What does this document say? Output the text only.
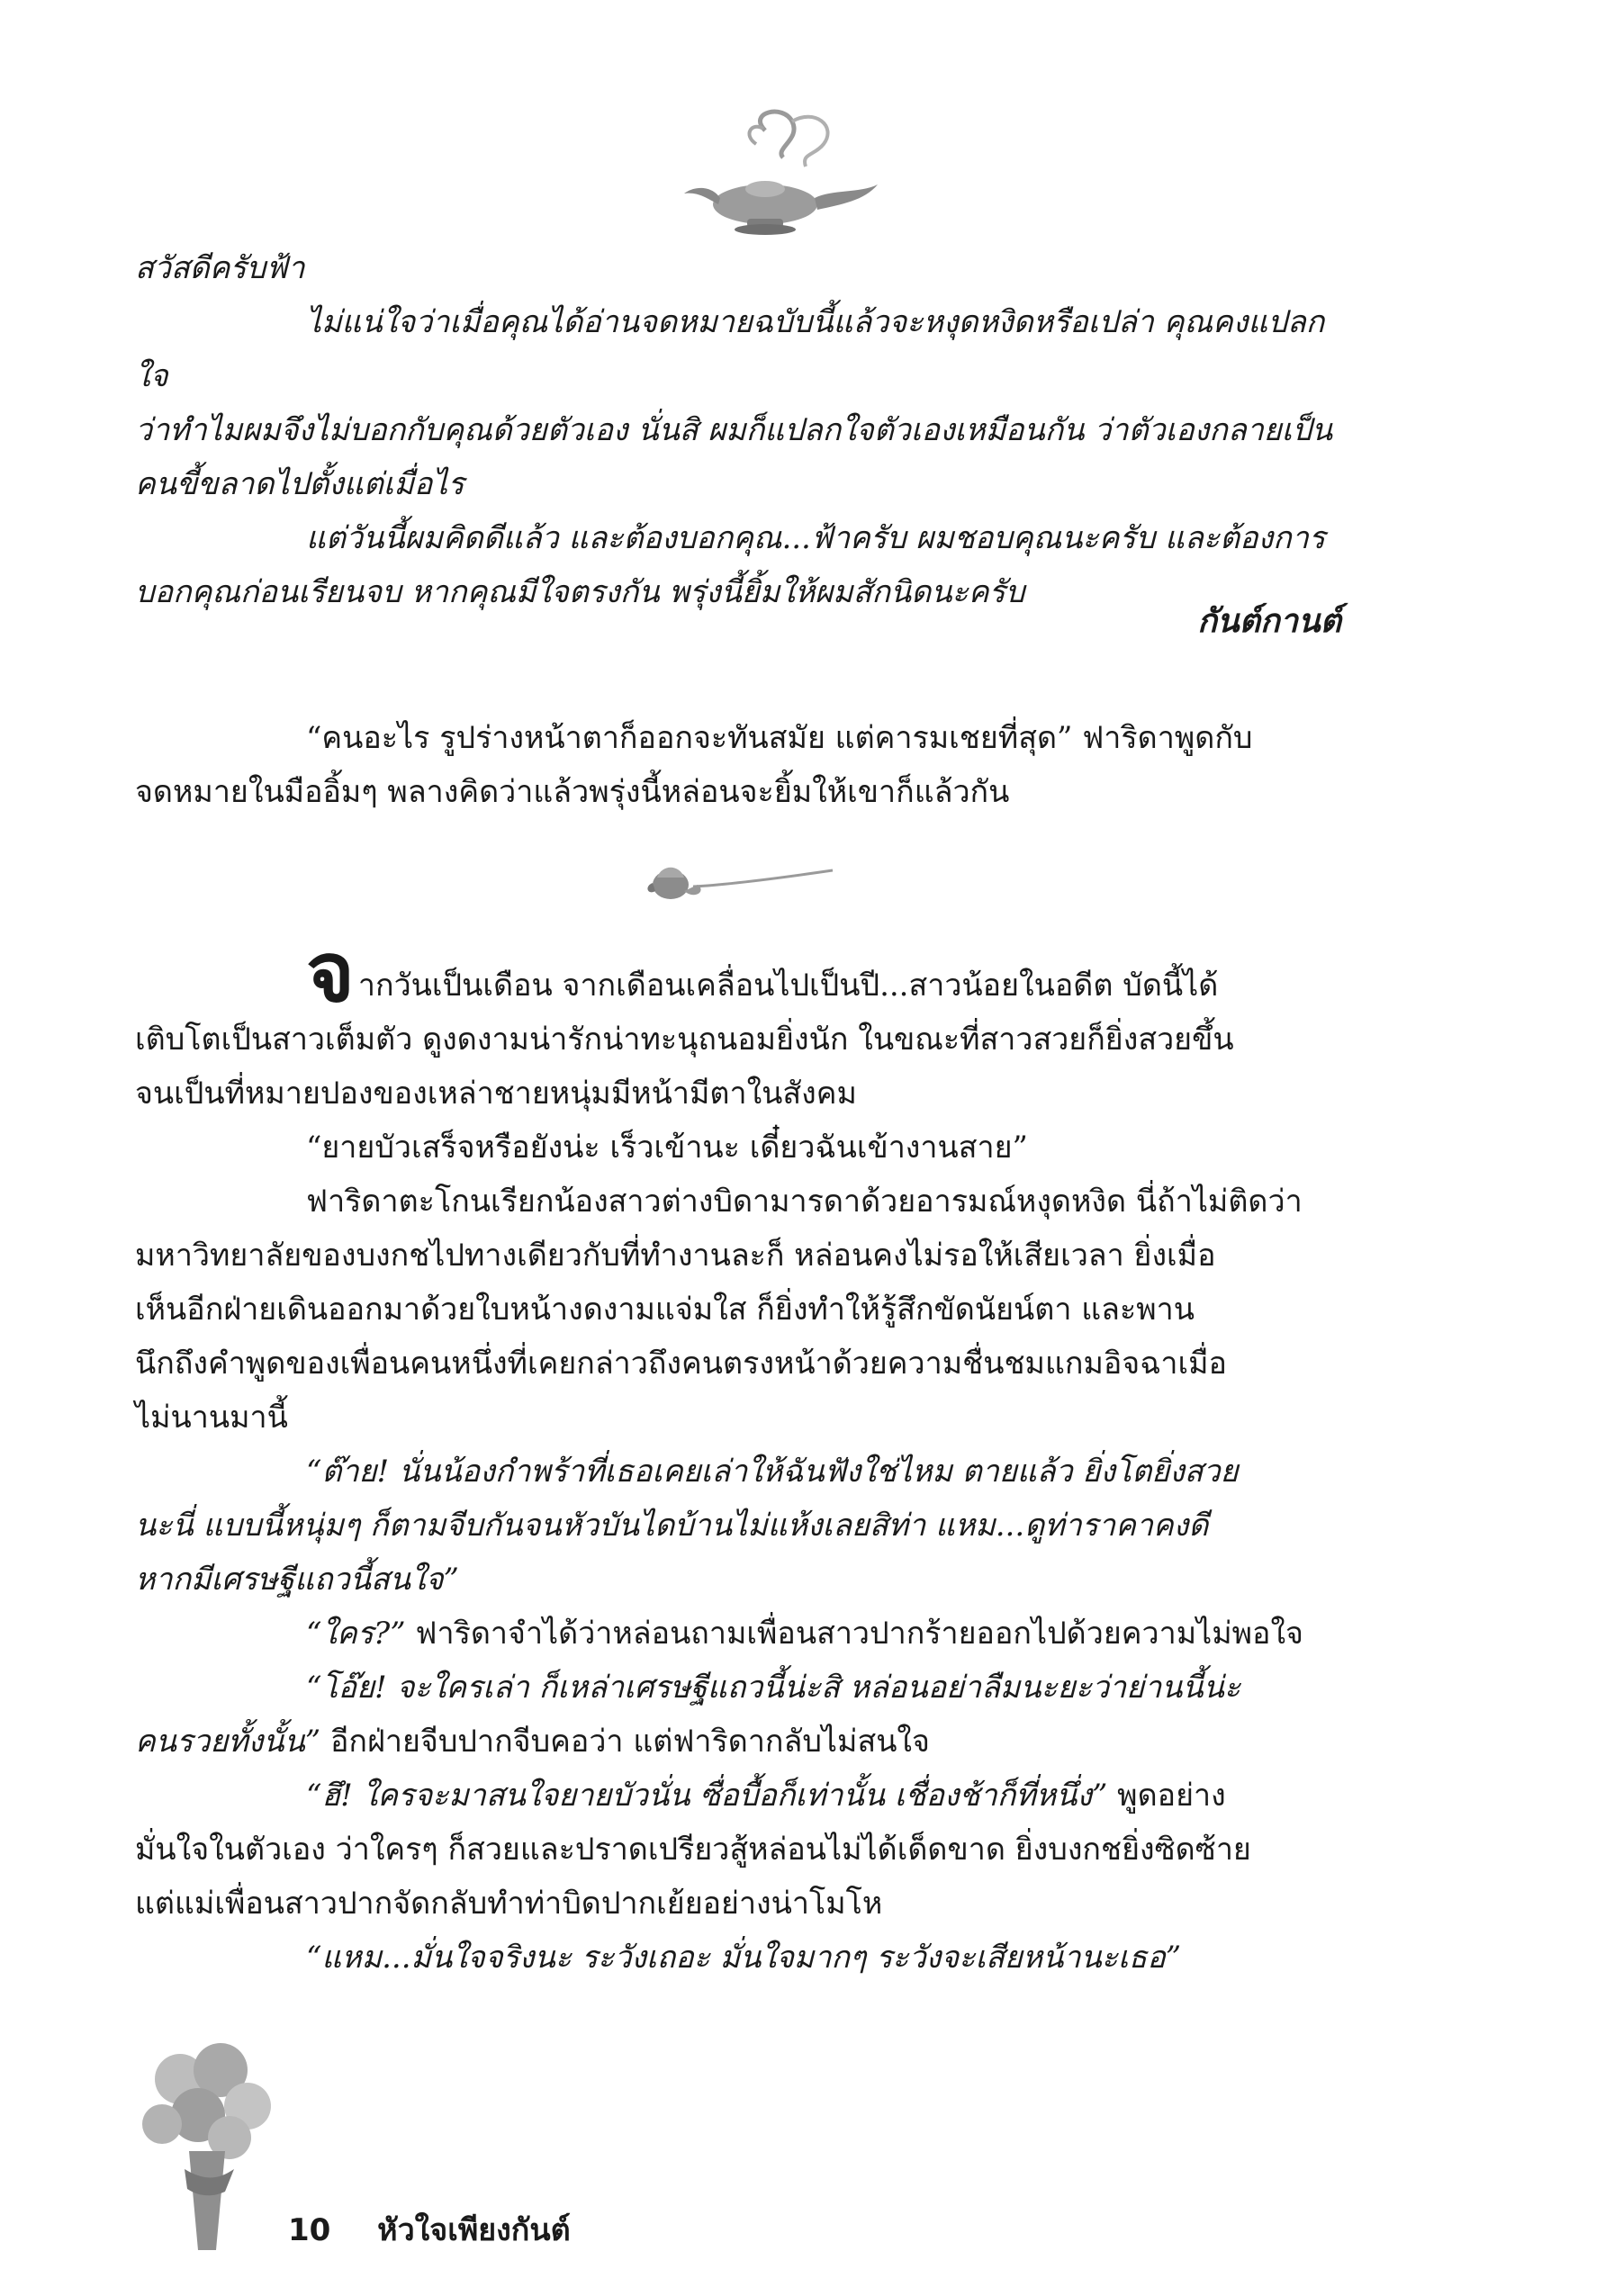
สวัสดีครับฟ้า

ไม่แน่ใจว่าเมื่อคุณได้อ่านจดหมายฉบับนี้แล้วจะหงุดหงิดหรือเปล่า คุณคงแปลกใจ

ว่าทำไมผมจึงไม่บอกกับคุณด้วยตัวเอง นั่นสิ ผมก็แปลกใจตัวเองเหมือนกัน ว่าตัวเองกลายเป็น

คนขี้ขลาดไปตั้งแต่เมื่อไร

แต่วันนี้ผมคิดดีแล้ว และต้องบอกคุณ...ฟ้าครับ ผมชอบคุณนะครับ และต้องการ

บอกคุณก่อนเรียนจบ หากคุณมีใจตรงกัน พรุ่งนี้ยิ้มให้ผมสักนิดนะครับ

กันต์กานต์

“คนอะไร รูปร่างหน้าตาก็ออกจะทันสมัย แต่คารมเชยที่สุด” ฟาริดาพูดกับ

จดหมายในมืออิ้มๆ พลางคิดว่าแล้วพรุ่งนี้หล่อนจะยิ้มให้เขาก็แล้วกัน

จากวันเป็นเดือน จากเดือนเคลื่อนไปเป็นปี...สาวน้อยในอดีต บัดนี้ได้

เติบโตเป็นสาวเต็มตัว ดูงดงามน่ารักน่าทะนุถนอมยิ่งนัก ในขณะที่สาวสวยก็ยิ่งสวยขึ้น

จนเป็นที่หมายปองของเหล่าชายหนุ่มมีหน้ามีตาในสังคม

“ยายบัวเสร็จหรือยังน่ะ เร็วเข้านะ เดี๋ยวฉันเข้างานสาย”

ฟาริดาตะโกนเรียกน้องสาวต่างบิดามารดาด้วยอารมณ์หงุดหงิด นี่ถ้าไม่ติดว่า

มหาวิทยาลัยของบงกชไปทางเดียวกับที่ทำงานละก็ หล่อนคงไม่รอให้เสียเวลา ยิ่งเมื่อ

เห็นอีกฝ่ายเดินออกมาด้วยใบหน้างดงามแจ่มใส ก็ยิ่งทำให้รู้สึกขัดนัยน์ตา และพาน

นึกถึงคำพูดของเพื่อนคนหนึ่งที่เคยกล่าวถึงคนตรงหน้าด้วยความชื่นชมแกมอิจฉาเมื่อ

ไม่นานมานี้

“ต๊าย! นั่นน้องกำพร้าที่เธอเคยเล่าให้ฉันฟังใช่ไหม ตายแล้ว ยิ่งโตยิ่งสวย

นะนี่ แบบนี้หนุ่มๆ ก็ตามจีบกันจนหัวบันไดบ้านไม่แห้งเลยสิท่า แหม...ดูท่าราคาคงดี

หากมีเศรษฐีแถวนี้สนใจ”

“ใคร?” ฟาริดาจำได้ว่าหล่อนถามเพื่อนสาวปากร้ายออกไปด้วยความไม่พอใจ

“โอ๊ย! จะใครเล่า ก็เหล่าเศรษฐีแถวนี้น่ะสิ หล่อนอย่าลืมนะยะว่าย่านนี้น่ะ

คนรวยทั้งนั้น” อีกฝ่ายจีบปากจีบคอว่า แต่ฟาริดากลับไม่สนใจ

“ฮึ! ใครจะมาสนใจยายบัวนั่น ซื่อบื้อก็เท่านั้น เชื่องช้าก็ที่หนึ่ง” พูดอย่าง

มั่นใจในตัวเอง ว่าใครๆ ก็สวยและปราดเปรียวสู้หล่อนไม่ได้เด็ดขาด ยิ่งบงกชยิ่งซิดซ้าย

แต่แม่เพื่อนสาวปากจัดกลับทำท่าบิดปากเย้ยอย่างน่าโมโห

“แหม...มั่นใจจริงนะ ระวังเถอะ มั่นใจมากๆ ระวังจะเสียหน้านะเธอ”

10 หัวใจเพียงกันต์
